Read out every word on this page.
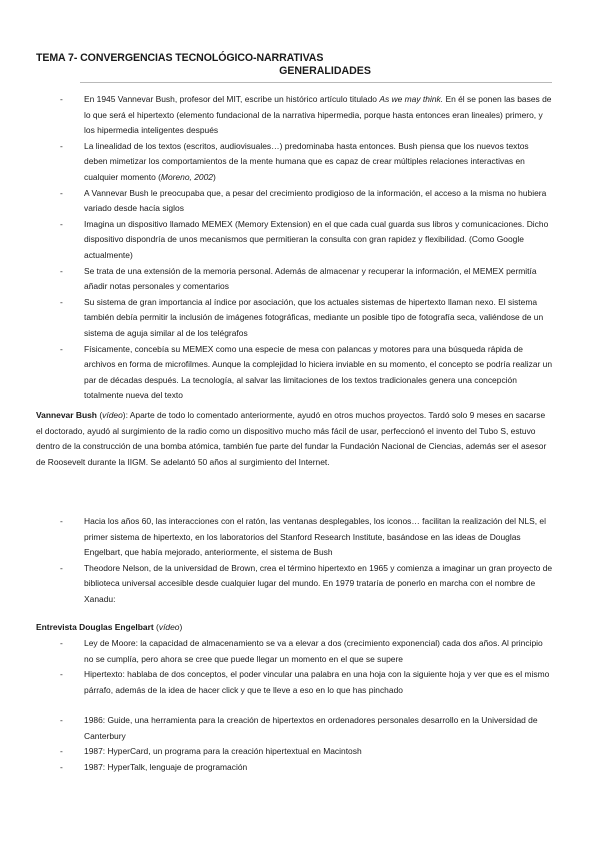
TEMA 7- CONVERGENCIAS TECNOLÓGICO-NARRATIVAS
GENERALIDADES
-	En 1945 Vannevar Bush, profesor del MIT, escribe un histórico artículo titulado As we may think. En él se ponen las bases de lo que será el hipertexto (elemento fundacional de la narrativa hipermedia, porque hasta entonces eran lineales) primero, y los hipermedia inteligentes después
-	La linealidad de los textos (escritos, audiovisuales…) predominaba hasta entonces. Bush piensa que los nuevos textos deben mimetizar los comportamientos de la mente humana que es capaz de crear múltiples relaciones interactivas en cualquier momento (Moreno, 2002)
-	A Vannevar Bush le preocupaba que, a pesar del crecimiento prodigioso de la información, el acceso a la misma no hubiera variado desde hacía siglos
-	Imagina un dispositivo llamado MEMEX (Memory Extension) en el que cada cual guarda sus libros y comunicaciones. Dicho dispositivo dispondría de unos mecanismos que permitieran la consulta con gran rapidez y flexibilidad. (Como Google actualmente)
-	Se trata de una extensión de la memoria personal. Además de almacenar y recuperar la información, el MEMEX permitía añadir notas personales y comentarios
-	Su sistema de gran importancia al índice por asociación, que los actuales sistemas de hipertexto llaman nexo. El sistema también debía permitir la inclusión de imágenes fotográficas, mediante un posible tipo de fotografía seca, valiéndose de un sistema de aguja similar al de los telégrafos
-	Físicamente, concebía su MEMEX como una especie de mesa con palancas y motores para una búsqueda rápida de archivos en forma de microfilmes. Aunque la complejidad lo hiciera inviable en su momento, el concepto se podría realizar un par de décadas después. La tecnología, al salvar las limitaciones de los textos tradicionales genera una concepción totalmente nueva del texto

Vannevar Bush (vídeo): Aparte de todo lo comentado anteriormente, ayudó en otros muchos proyectos. Tardó solo 9 meses en sacarse el doctorado, ayudó al surgimiento de la radio como un dispositivo mucho más fácil de usar, perfeccionó el invento del Tubo S, estuvo dentro de la construcción de una bomba atómica, también fue parte del fundar la Fundación Nacional de Ciencias, además ser el asesor de Roosevelt durante la IIGM. Se adelantó 50 años al surgimiento del Internet.

-	Hacia los años 60, las interacciones con el ratón, las ventanas desplegables, los iconos… facilitan la realización del NLS, el primer sistema de hipertexto, en los laboratorios del Stanford Research Institute, basándose en las ideas de Douglas Engelbart, que había mejorado, anteriormente, el sistema de Bush
-	Theodore Nelson, de la universidad de Brown, crea el término hipertexto en 1965 y comienza a imaginar un gran proyecto de biblioteca universal accesible desde cualquier lugar del mundo. En 1979 trataría de ponerlo en marcha con el nombre de Xanadu:
Entrevista Douglas Engelbart (vídeo)
-	Ley de Moore: la capacidad de almacenamiento se va a elevar a dos (crecimiento exponencial) cada dos años. Al principio no se cumplía, pero ahora se cree que puede llegar un momento en el que se supere
-	Hipertexto: hablaba de dos conceptos, el poder vincular una palabra en una hoja con la siguiente hoja y ver que es el mismo párrafo, además de la idea de hacer click y que te lleve a eso en lo que has pinchado
-	1986: Guide, una herramienta para la creación de hipertextos en ordenadores personales desarrollo en la Universidad de Canterbury
-	1987: HyperCard, un programa para la creación hipertextual en Macintosh
-	1987: HyperTalk, lenguaje de programación
